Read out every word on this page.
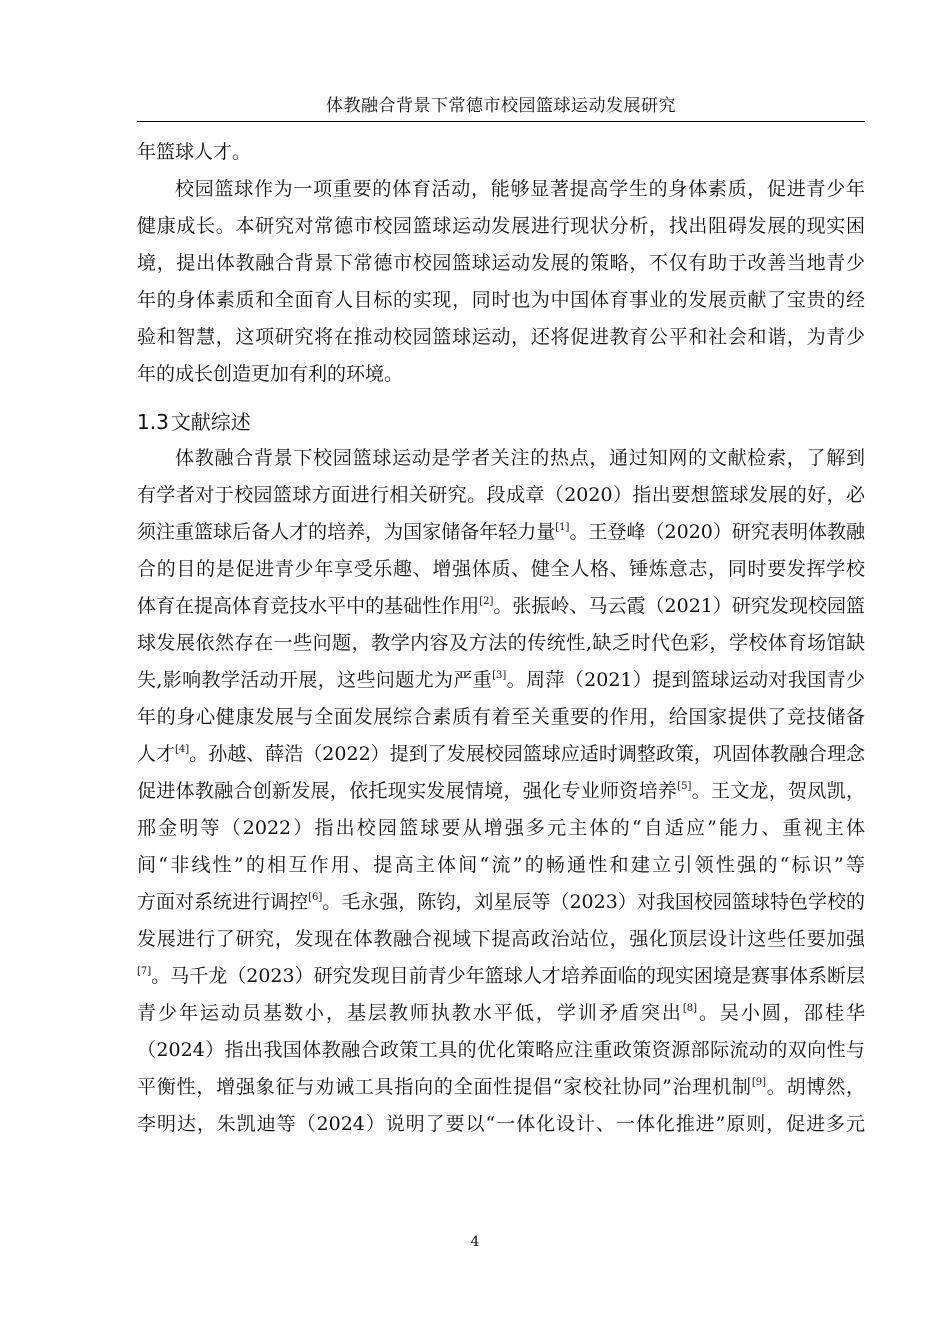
体教融合背景下常德市校园篮球运动发展研究
年篮球人才。
校园篮球作为一项重要的体育活动，能够显著提高学生的身体素质，促进青少年
健康成长。本研究对常德市校园篮球运动发展进行现状分析，找出阻碍发展的现实困
境，提出体教融合背景下常德市校园篮球运动发展的策略，不仅有助于改善当地青少
年的身体素质和全面育人目标的实现，同时也为中国体育事业的发展贡献了宝贵的经
验和智慧，这项研究将在推动校园篮球运动，还将促进教育公平和社会和谐，为青少
年的成长创造更加有利的环境。
1.3 文献综述
体教融合背景下校园篮球运动是学者关注的热点，通过知网的文献检索，了解到
有学者对于校园篮球方面进行相关研究。段成章（2020）指出要想篮球发展的好，必
须注重篮球后备人才的培养，为国家储备年轻力量[1]。王登峰（2020）研究表明体教融
合的目的是促进青少年享受乐趣、增强体质、健全人格、锤炼意志，同时要发挥学校
体育在提高体育竞技水平中的基础性作用[2]。张振岭、马云霞（2021）研究发现校园篮
球发展依然存在一些问题，教学内容及方法的传统性,缺乏时代色彩，学校体育场馆缺
失,影响教学活动开展，这些问题尤为严重[3]。周萍（2021）提到篮球运动对我国青少
年的身心健康发展与全面发展综合素质有着至关重要的作用，给国家提供了竞技储备
人才[4]。孙越、薛浩（2022）提到了发展校园篮球应适时调整政策，巩固体教融合理念
促进体教融合创新发展，依托现实发展情境，强化专业师资培养[5]。王文龙，贺凤凯，
邢金明等（2022）指出校园篮球要从增强多元主体的“自适应”能力、重视主体
间“非线性”的相互作用、提高主体间“流”的畅通性和建立引领性强的“标识”等
方面对系统进行调控[6]。毛永强，陈钧，刘星辰等（2023）对我国校园篮球特色学校的
发展进行了研究，发现在体教融合视域下提高政治站位，强化顶层设计这些任要加强
[7]。马千龙（2023）研究发现目前青少年篮球人才培养面临的现实困境是赛事体系断层
青少年运动员基数小，基层教师执教水平低，学训矛盾突出[8]。吴小圆，邵桂华
（2024）指出我国体教融合政策工具的优化策略应注重政策资源部际流动的双向性与
平衡性，增强象征与劝诫工具指向的全面性提倡“家校社协同”治理机制[9]。胡博然，
李明达，朱凯迪等（2024）说明了要以“一体化设计、一体化推进”原则，促进多元
4
